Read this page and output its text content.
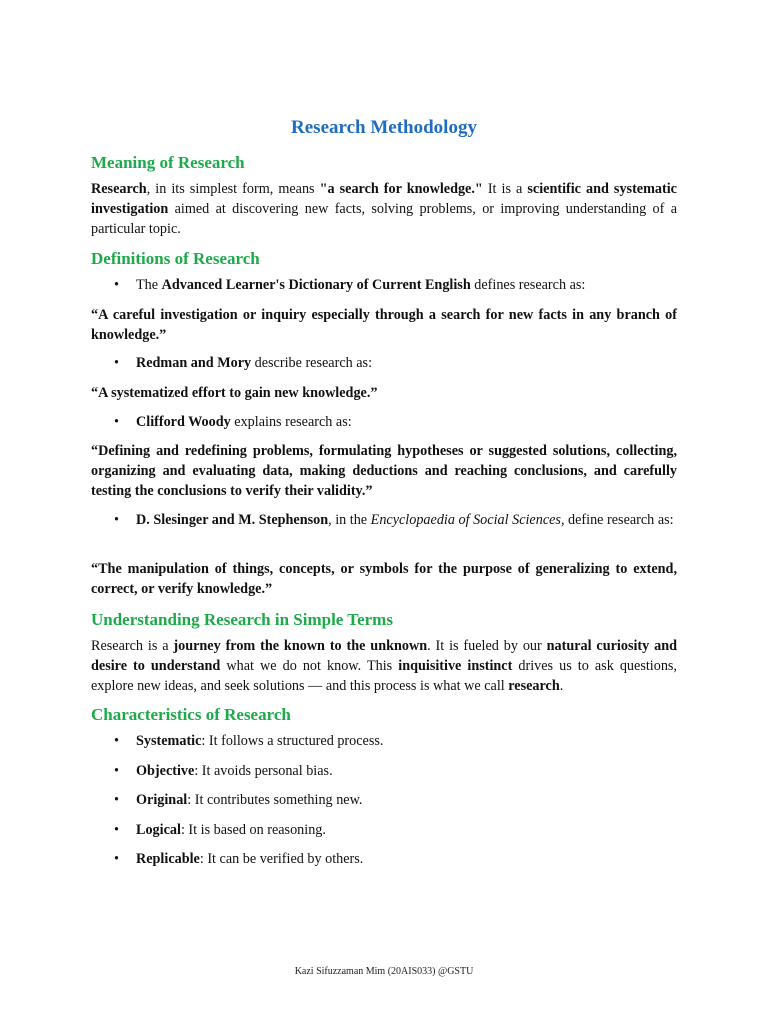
Research Methodology
Meaning of Research

Research, in its simplest form, means "a search for knowledge." It is a scientific and systematic investigation aimed at discovering new facts, solving problems, or improving understanding of a particular topic.

Definitions of Research
• The Advanced Learner's Dictionary of Current English defines research as:

“A careful investigation or inquiry especially through a search for new facts in any branch of knowledge.”

• Redman and Mory describe research as:

“A systematized effort to gain new knowledge.”

• Clifford Woody explains research as:

“Defining and redefining problems, formulating hypotheses or suggested solutions, collecting, organizing and evaluating data, making deductions and reaching conclusions, and carefully testing the conclusions to verify their validity.”

• D. Slesinger and M. Stephenson, in the Encyclopaedia of Social Sciences, define research as:

“The manipulation of things, concepts, or symbols for the purpose of generalizing to extend, correct, or verify knowledge.”

Understanding Research in Simple Terms

Research is a journey from the known to the unknown. It is fueled by our natural curiosity and desire to understand what we do not know. This inquisitive instinct drives us to ask questions, explore new ideas, and seek solutions — and this process is what we call research.

Characteristics of Research
• Systematic: It follows a structured process.
• Objective: It avoids personal bias.
• Original: It contributes something new.
• Logical: It is based on reasoning.
• Replicable: It can be verified by others.
Kazi Sifuzzaman Mim (20AIS033) @GSTU
